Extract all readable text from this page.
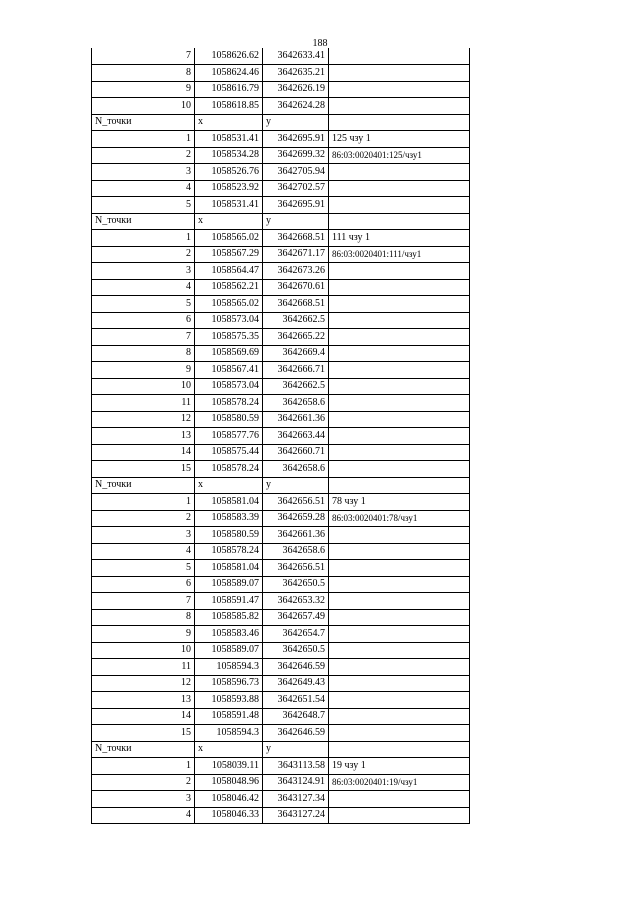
188
7	1058626.62	3642633.41	
8	1058624.46	3642635.21	
9	1058616.79	3642626.19	
10	1058618.85	3642624.28	
N_точки	x	y	
1	1058531.41	3642695.91	125 чзу 1
2	1058534.28	3642699.32	86:03:0020401:125/чзу1
3	1058526.76	3642705.94	
4	1058523.92	3642702.57	
5	1058531.41	3642695.91	
N_точки	x	y	
1	1058565.02	3642668.51	111 чзу 1
2	1058567.29	3642671.17	86:03:0020401:111/чзу1
3	1058564.47	3642673.26	
4	1058562.21	3642670.61	
5	1058565.02	3642668.51	
6	1058573.04	3642662.5	
7	1058575.35	3642665.22	
8	1058569.69	3642669.4	
9	1058567.41	3642666.71	
10	1058573.04	3642662.5	
11	1058578.24	3642658.6	
12	1058580.59	3642661.36	
13	1058577.76	3642663.44	
14	1058575.44	3642660.71	
15	1058578.24	3642658.6	
N_точки	x	y	
1	1058581.04	3642656.51	78 чзу 1
2	1058583.39	3642659.28	86:03:0020401:78/чзу1
3	1058580.59	3642661.36	
4	1058578.24	3642658.6	
5	1058581.04	3642656.51	
6	1058589.07	3642650.5	
7	1058591.47	3642653.32	
8	1058585.82	3642657.49	
9	1058583.46	3642654.7	
10	1058589.07	3642650.5	
11	1058594.3	3642646.59	
12	1058596.73	3642649.43	
13	1058593.88	3642651.54	
14	1058591.48	3642648.7	
15	1058594.3	3642646.59	
N_точки	x	y	
1	1058039.11	3643113.58	19 чзу 1
2	1058048.96	3643124.91	86:03:0020401:19/чзу1
3	1058046.42	3643127.34	
4	1058046.33	3643127.24	
